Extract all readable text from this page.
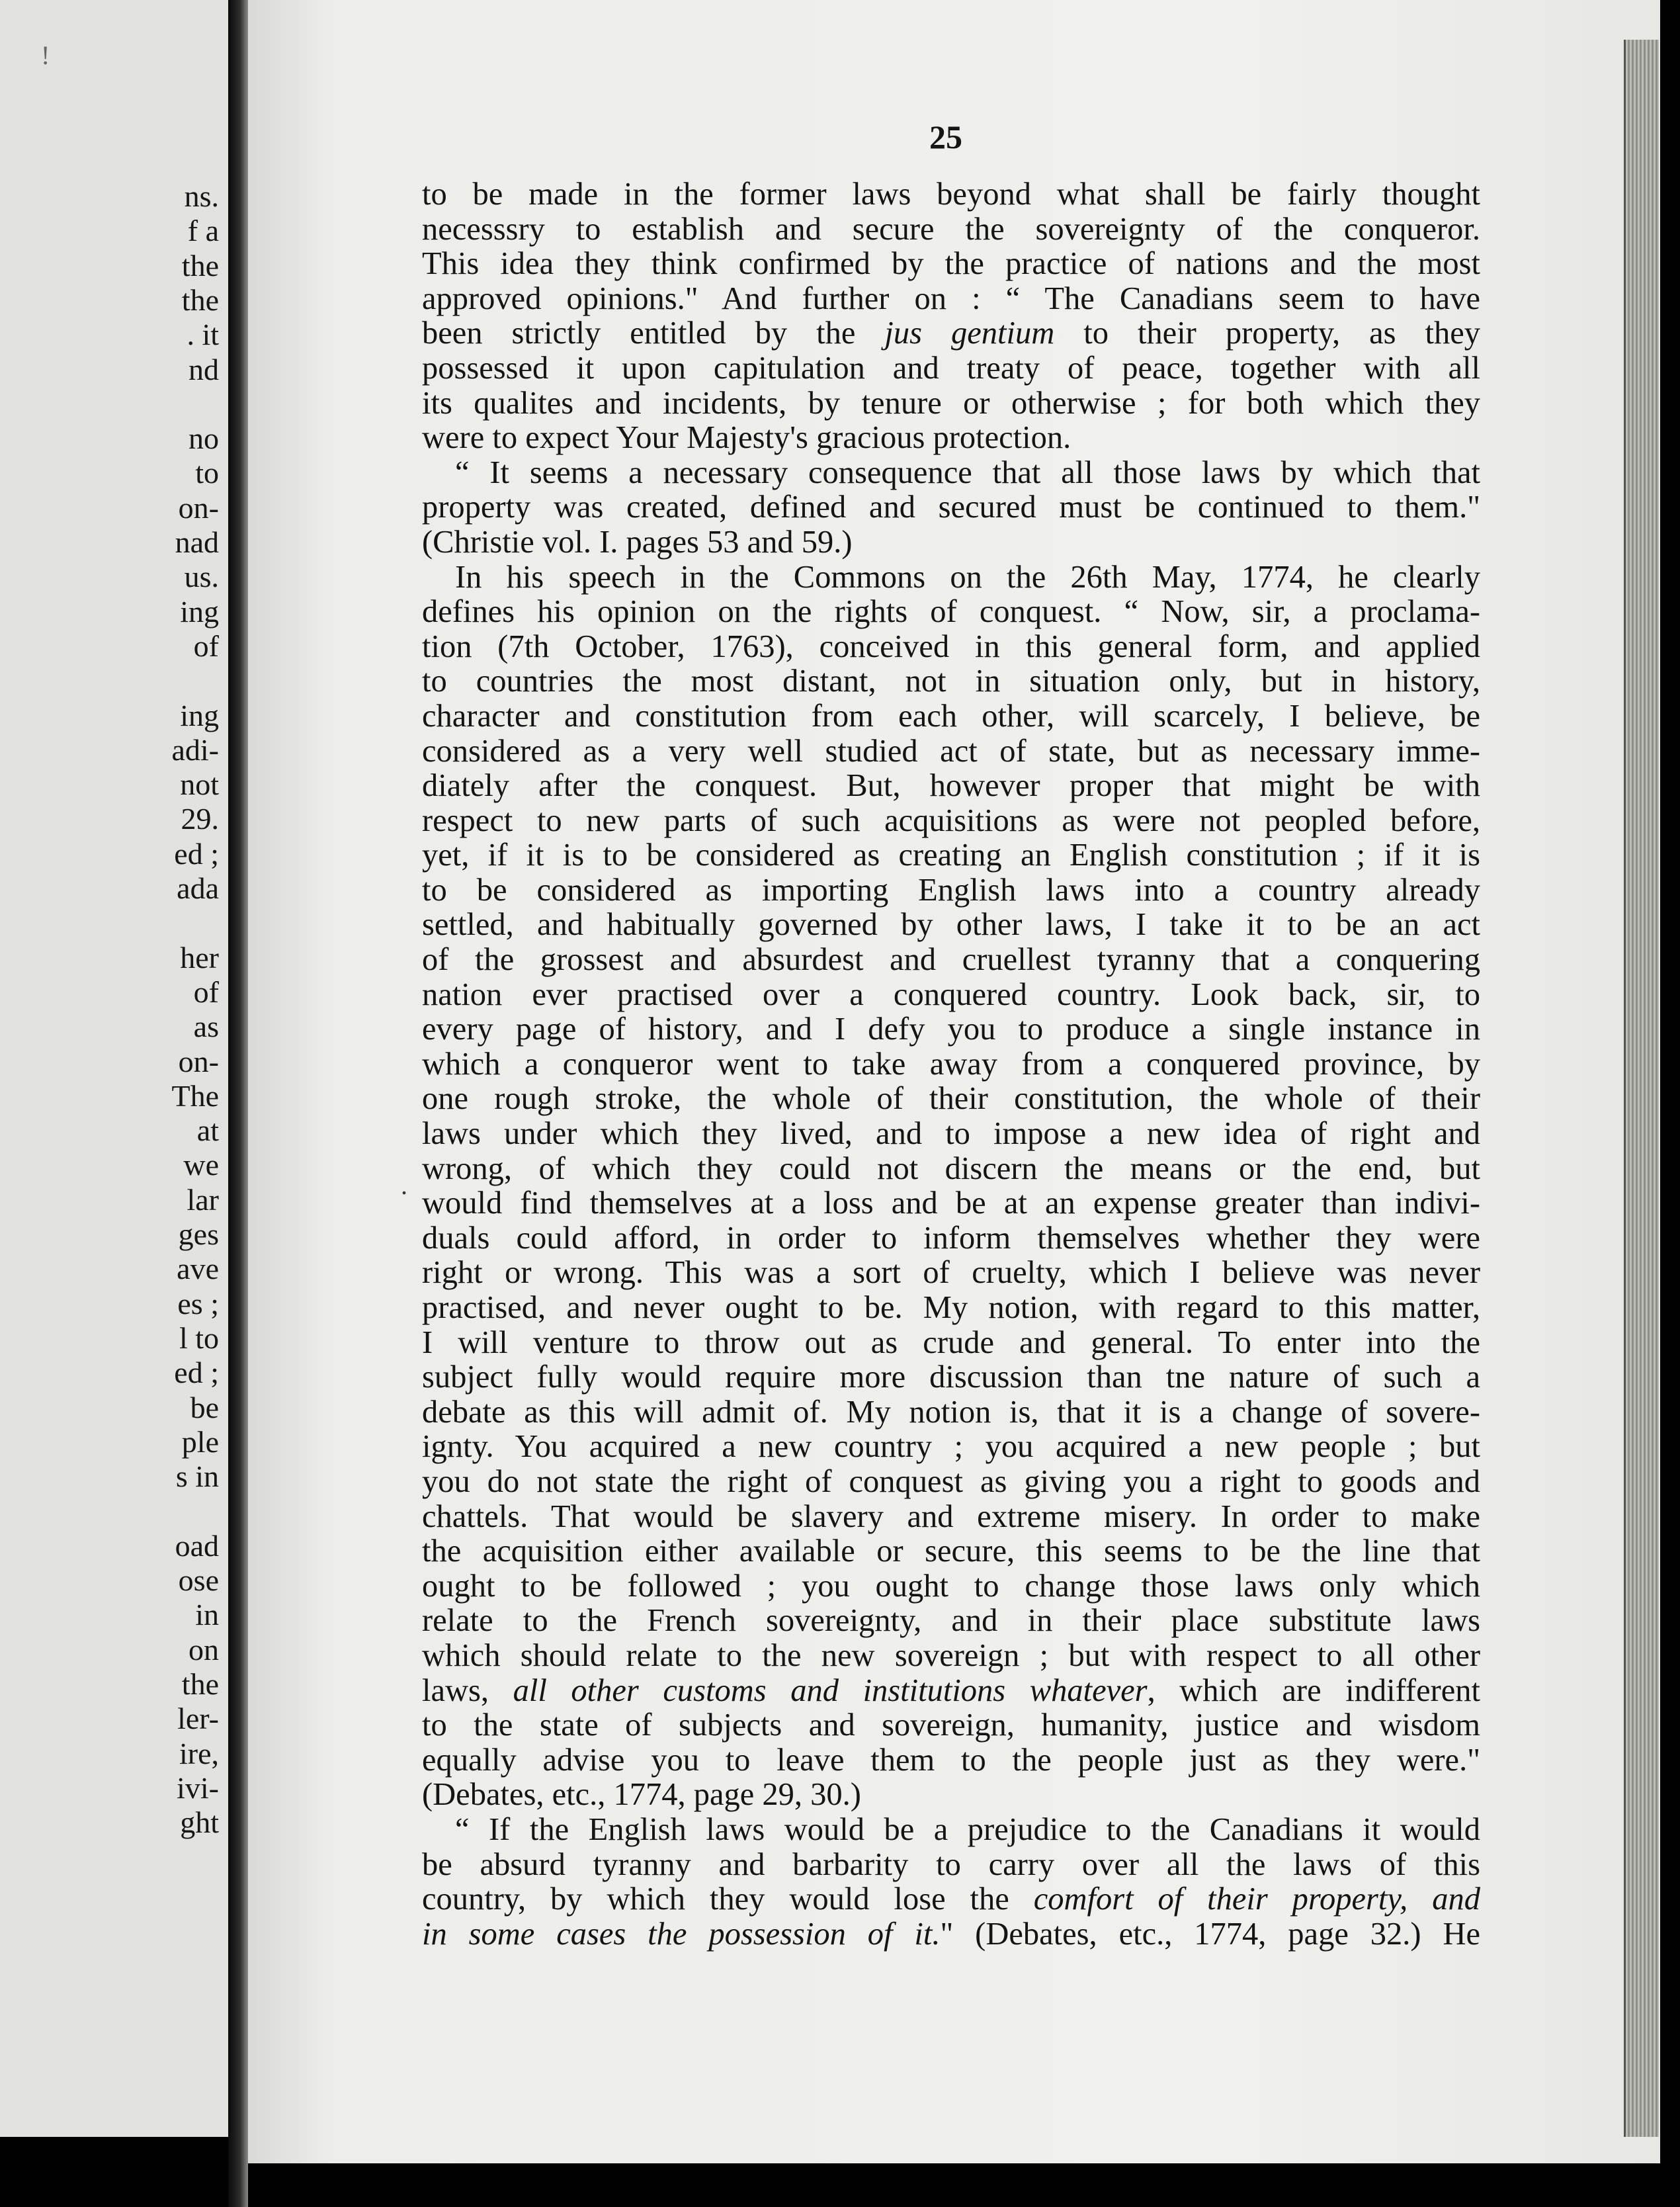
!
ns.
f a
the
the
. it
nd
no
to
on-
nad
us.
ing
of
ing
adi-
not
29.
ed ;
ada
her
of
as
on-
The
at
we
lar
ges
ave
es ;
l to
ed ;
be
ple
s in
oad
ose
in
on
the
ler-
ire,
ivi-
ght
25
to be made in the former laws beyond what shall be fairly thought
necesssry to establish and secure the sovereignty of the conqueror.
This idea they think confirmed by the practice of nations and the most
approved opinions." And further on : “ The Canadians seem to have
been strictly entitled by the jus gentium to their property, as they
possessed it upon capitulation and treaty of peace, together with all
its qualites and incidents, by tenure or otherwise ; for both which they
were to expect Your Majesty's gracious protection.
“ It seems a necessary consequence that all those laws by which that
property was created, defined and secured must be continued to them."
(Christie vol. I. pages 53 and 59.)
In his speech in the Commons on the 26th May, 1774, he clearly
defines his opinion on the rights of conquest. “ Now, sir, a proclama-
tion (7th October, 1763), conceived in this general form, and applied
to countries the most distant, not in situation only, but in history,
character and constitution from each other, will scarcely, I believe, be
considered as a very well studied act of state, but as necessary imme-
diately after the conquest. But, however proper that might be with
respect to new parts of such acquisitions as were not peopled before,
yet, if it is to be considered as creating an English constitution ; if it is
to be considered as importing English laws into a country already
settled, and habitually governed by other laws, I take it to be an act
of the grossest and absurdest and cruellest tyranny that a conquering
nation ever practised over a conquered country. Look back, sir, to
every page of history, and I defy you to produce a single instance in
which a conqueror went to take away from a conquered province, by
one rough stroke, the whole of their constitution, the whole of their
laws under which they lived, and to impose a new idea of right and
wrong, of which they could not discern the means or the end, but
would find themselves at a loss and be at an expense greater than indivi-
duals could afford, in order to inform themselves whether they were
right or wrong. This was a sort of cruelty, which I believe was never
practised, and never ought to be. My notion, with regard to this matter,
I will venture to throw out as crude and general. To enter into the
subject fully would require more discussion than tne nature of such a
debate as this will admit of. My notion is, that it is a change of sovere-
ignty. You acquired a new country ; you acquired a new people ; but
you do not state the right of conquest as giving you a right to goods and
chattels. That would be slavery and extreme misery. In order to make
the acquisition either available or secure, this seems to be the line that
ought to be followed ; you ought to change those laws only which
relate to the French sovereignty, and in their place substitute laws
which should relate to the new sovereign ; but with respect to all other
laws, all other customs and institutions whatever, which are indifferent
to the state of subjects and sovereign, humanity, justice and wisdom
equally advise you to leave them to the people just as they were."
(Debates, etc., 1774, page 29, 30.)
“ If the English laws would be a prejudice to the Canadians it would
be absurd tyranny and barbarity to carry over all the laws of this
country, by which they would lose the comfort of their property, and
in some cases the possession of it." (Debates, etc., 1774, page 32.) He
.
